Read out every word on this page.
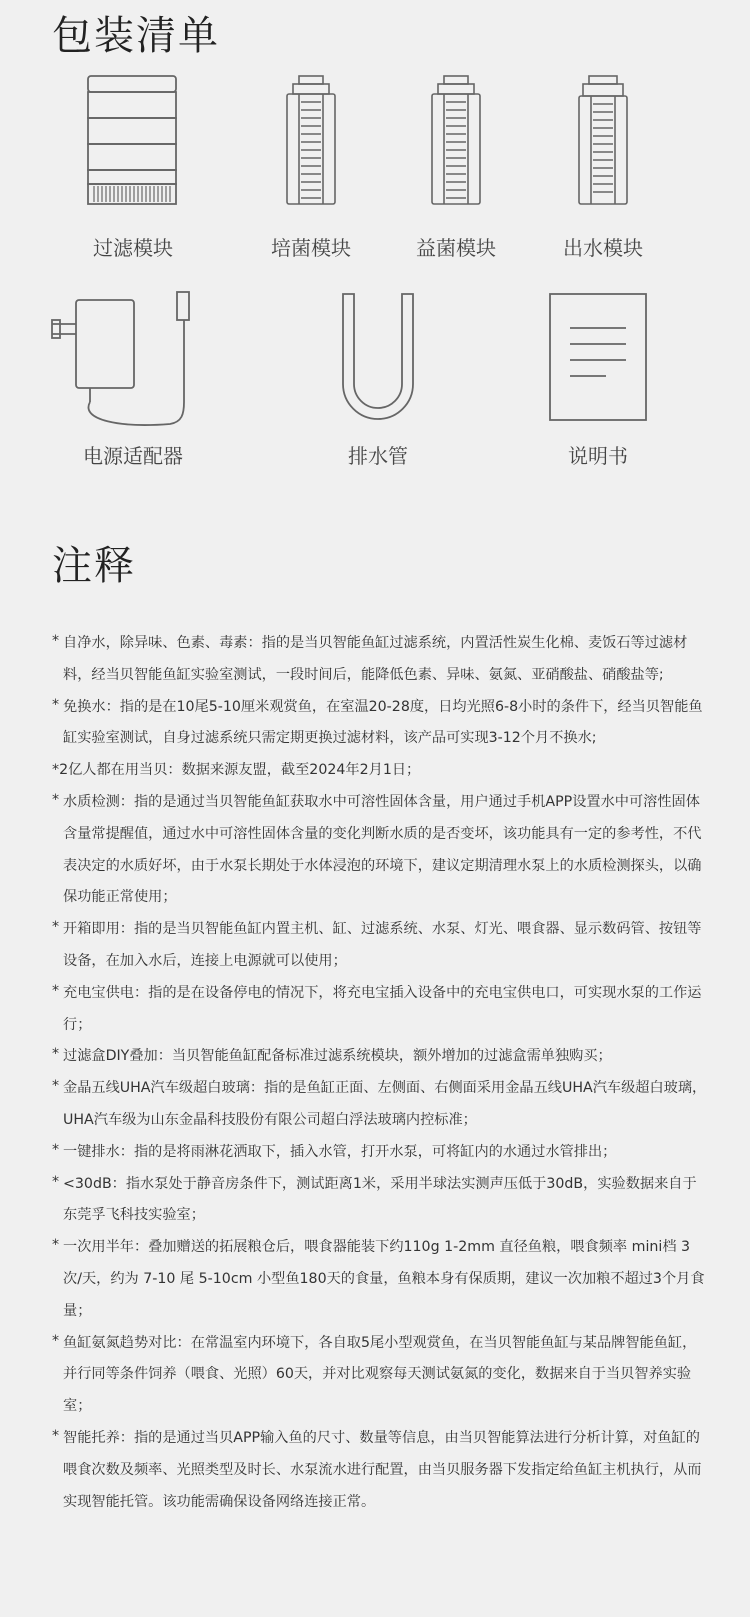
包装清单
过滤模块	培菌模块	益菌模块	出水模块
电源适配器	排水管	说明书
注释

* 自净水，除异味、色素、毒素：指的是当贝智能鱼缸过滤系统，内置活性炭生化棉、麦饭石等过滤材料，经当贝智能鱼缸实验室测试，一段时间后，能降低色素、异味、氨氮、亚硝酸盐、硝酸盐等;

* 免换水：指的是在10尾5-10厘米观赏鱼，在室温20-28度，日均光照6-8小时的条件下，经当贝智能鱼缸实验室测试，自身过滤系统只需定期更换过滤材料，该产品可实现3-12个月不换水;

*2亿人都在用当贝：数据来源友盟，截至2024年2月1日；

* 水质检测：指的是通过当贝智能鱼缸获取水中可溶性固体含量，用户通过手机APP设置水中可溶性固体含量常提醒值，通过水中可溶性固体含量的变化判断水质的是否变坏，该功能具有一定的参考性，不代表决定的水质好坏，由于水泵长期处于水体浸泡的环境下，建议定期清理水泵上的水质检测探头，以确保功能正常使用；

* 开箱即用：指的是当贝智能鱼缸内置主机、缸、过滤系统、水泵、灯光、喂食器、显示数码管、按钮等设备，在加入水后，连接上电源就可以使用；

* 充电宝供电：指的是在设备停电的情况下，将充电宝插入设备中的充电宝供电口，可实现水泵的工作运行；

* 过滤盒DIY叠加：当贝智能鱼缸配备标准过滤系统模块，额外增加的过滤盒需单独购买；

* 金晶五线UHA汽车级超白玻璃：指的是鱼缸正面、左侧面、右侧面采用金晶五线UHA汽车级超白玻璃，UHA汽车级为山东金晶科技股份有限公司超白浮法玻璃内控标准；

* 一键排水：指的是将雨淋花洒取下，插入水管，打开水泵，可将缸内的水通过水管排出；

* <30dB：指水泵处于静音房条件下，测试距离1米，采用半球法实测声压低于30dB，实验数据来自于东莞孚飞科技实验室；

* 一次用半年：叠加赠送的拓展粮仓后，喂食器能装下约110g 1-2mm 直径鱼粮，喂食频率 mini档 3次/天，约为 7-10 尾 5-10cm 小型鱼180天的食量，鱼粮本身有保质期，建议一次加粮不超过3个月食量；

* 鱼缸氨氮趋势对比：在常温室内环境下，各自取5尾小型观赏鱼，在当贝智能鱼缸与某品牌智能鱼缸，并行同等条件饲养（喂食、光照）60天，并对比观察每天测试氨氮的变化，数据来自于当贝智养实验室；

* 智能托养：指的是通过当贝APP输入鱼的尺寸、数量等信息，由当贝智能算法进行分析计算，对鱼缸的喂食次数及频率、光照类型及时长、水泵流水进行配置，由当贝服务器下发指定给鱼缸主机执行，从而实现智能托管。该功能需确保设备网络连接正常。
